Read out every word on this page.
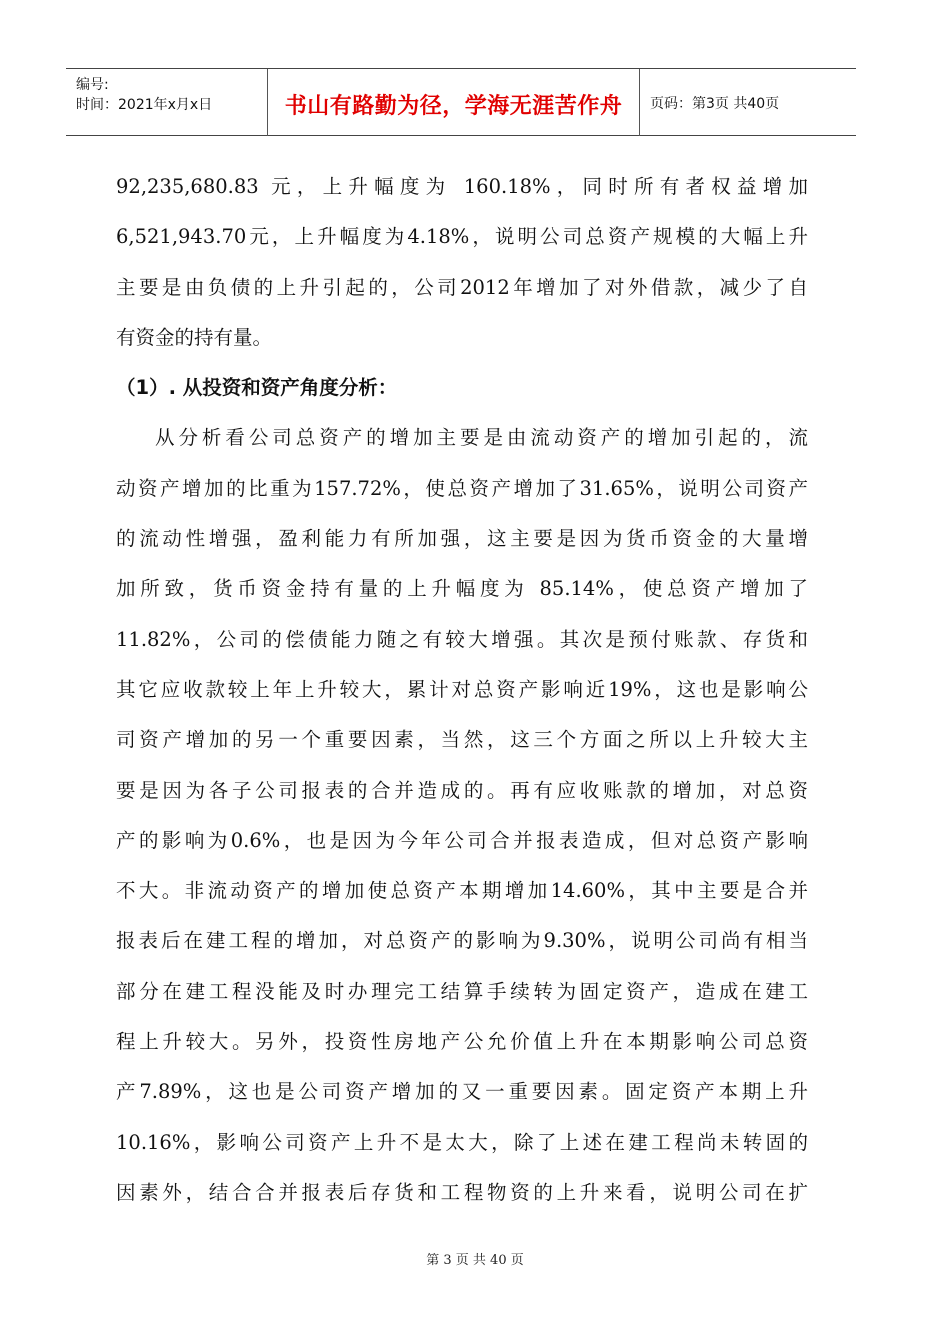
编号:
时间：2021年x月x日	书山有路勤为径，学海无涯苦作舟	页码：第3页 共40页
92,235,680.83 元，上升幅度为 160.18%，同时所有者权益增加
6,521,943.70元，上升幅度为4.18%，说明公司总资产规模的大幅上升
主要是由负债的上升引起的，公司2012年增加了对外借款，减少了自
有资金的持有量。
（1）. 从投资和资产角度分析：
从分析看公司总资产的增加主要是由流动资产的增加引起的，流
动资产增加的比重为157.72%，使总资产增加了31.65%，说明公司资产
的流动性增强，盈利能力有所加强，这主要是因为货币资金的大量增
加所致，货币资金持有量的上升幅度为 85.14%，使总资产增加了
11.82%，公司的偿债能力随之有较大增强。其次是预付账款、存货和
其它应收款较上年上升较大，累计对总资产影响近19%，这也是影响公
司资产增加的另一个重要因素，当然，这三个方面之所以上升较大主
要是因为各子公司报表的合并造成的。再有应收账款的增加，对总资
产的影响为0.6%，也是因为今年公司合并报表造成，但对总资产影响
不大。非流动资产的增加使总资产本期增加14.60%，其中主要是合并
报表后在建工程的增加，对总资产的影响为9.30%，说明公司尚有相当
部分在建工程没能及时办理完工结算手续转为固定资产，造成在建工
程上升较大。另外，投资性房地产公允价值上升在本期影响公司总资
产7.89%，这也是公司资产增加的又一重要因素。固定资产本期上升
10.16%，影响公司资产上升不是太大，除了上述在建工程尚未转固的
因素外，结合合并报表后存货和工程物资的上升来看，说明公司在扩
第 3 页 共 40 页
